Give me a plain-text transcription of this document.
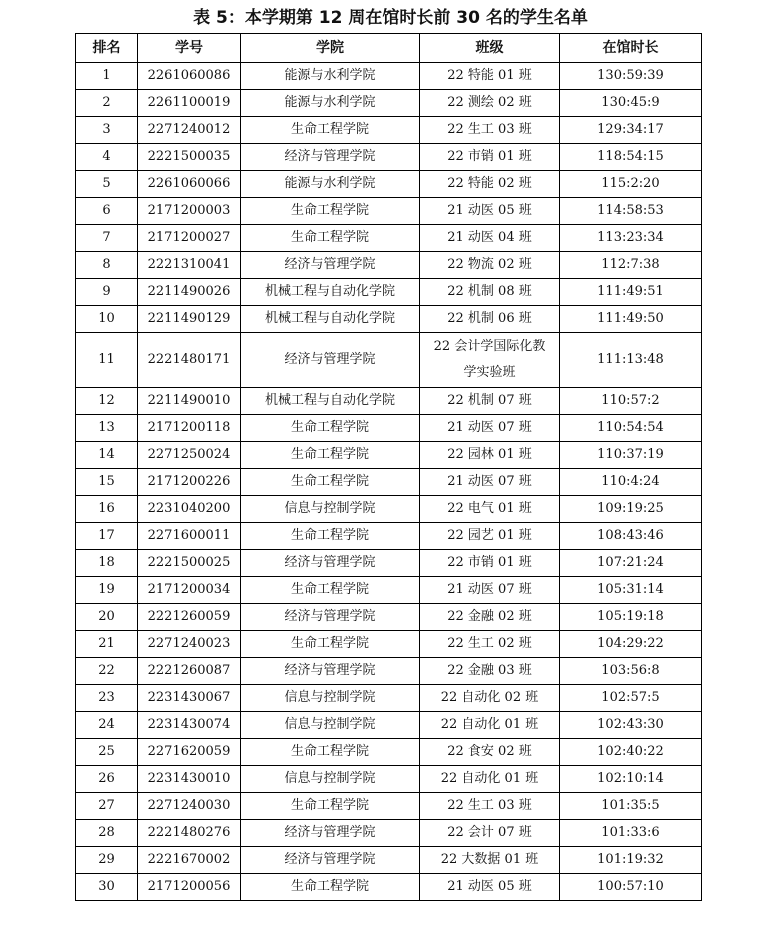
表 5：本学期第 12 周在馆时长前 30 名的学生名单
排名	学号	学院	班级	在馆时长
1	2261060086	能源与水利学院	22 特能 01 班	130:59:39
2	2261100019	能源与水利学院	22 测绘 02 班	130:45:9
3	2271240012	生命工程学院	22 生工 03 班	129:34:17
4	2221500035	经济与管理学院	22 市销 01 班	118:54:15
5	2261060066	能源与水利学院	22 特能 02 班	115:2:20
6	2171200003	生命工程学院	21 动医 05 班	114:58:53
7	2171200027	生命工程学院	21 动医 04 班	113:23:34
8	2221310041	经济与管理学院	22 物流 02 班	112:7:38
9	2211490026	机械工程与自动化学院	22 机制 08 班	111:49:51
10	2211490129	机械工程与自动化学院	22 机制 06 班	111:49:50
11	2221480171	经济与管理学院	22 会计学国际化教学实验班	111:13:48
12	2211490010	机械工程与自动化学院	22 机制 07 班	110:57:2
13	2171200118	生命工程学院	21 动医 07 班	110:54:54
14	2271250024	生命工程学院	22 园林 01 班	110:37:19
15	2171200226	生命工程学院	21 动医 07 班	110:4:24
16	2231040200	信息与控制学院	22 电气 01 班	109:19:25
17	2271600011	生命工程学院	22 园艺 01 班	108:43:46
18	2221500025	经济与管理学院	22 市销 01 班	107:21:24
19	2171200034	生命工程学院	21 动医 07 班	105:31:14
20	2221260059	经济与管理学院	22 金融 02 班	105:19:18
21	2271240023	生命工程学院	22 生工 02 班	104:29:22
22	2221260087	经济与管理学院	22 金融 03 班	103:56:8
23	2231430067	信息与控制学院	22 自动化 02 班	102:57:5
24	2231430074	信息与控制学院	22 自动化 01 班	102:43:30
25	2271620059	生命工程学院	22 食安 02 班	102:40:22
26	2231430010	信息与控制学院	22 自动化 01 班	102:10:14
27	2271240030	生命工程学院	22 生工 03 班	101:35:5
28	2221480276	经济与管理学院	22 会计 07 班	101:33:6
29	2221670002	经济与管理学院	22 大数据 01 班	101:19:32
30	2171200056	生命工程学院	21 动医 05 班	100:57:10
